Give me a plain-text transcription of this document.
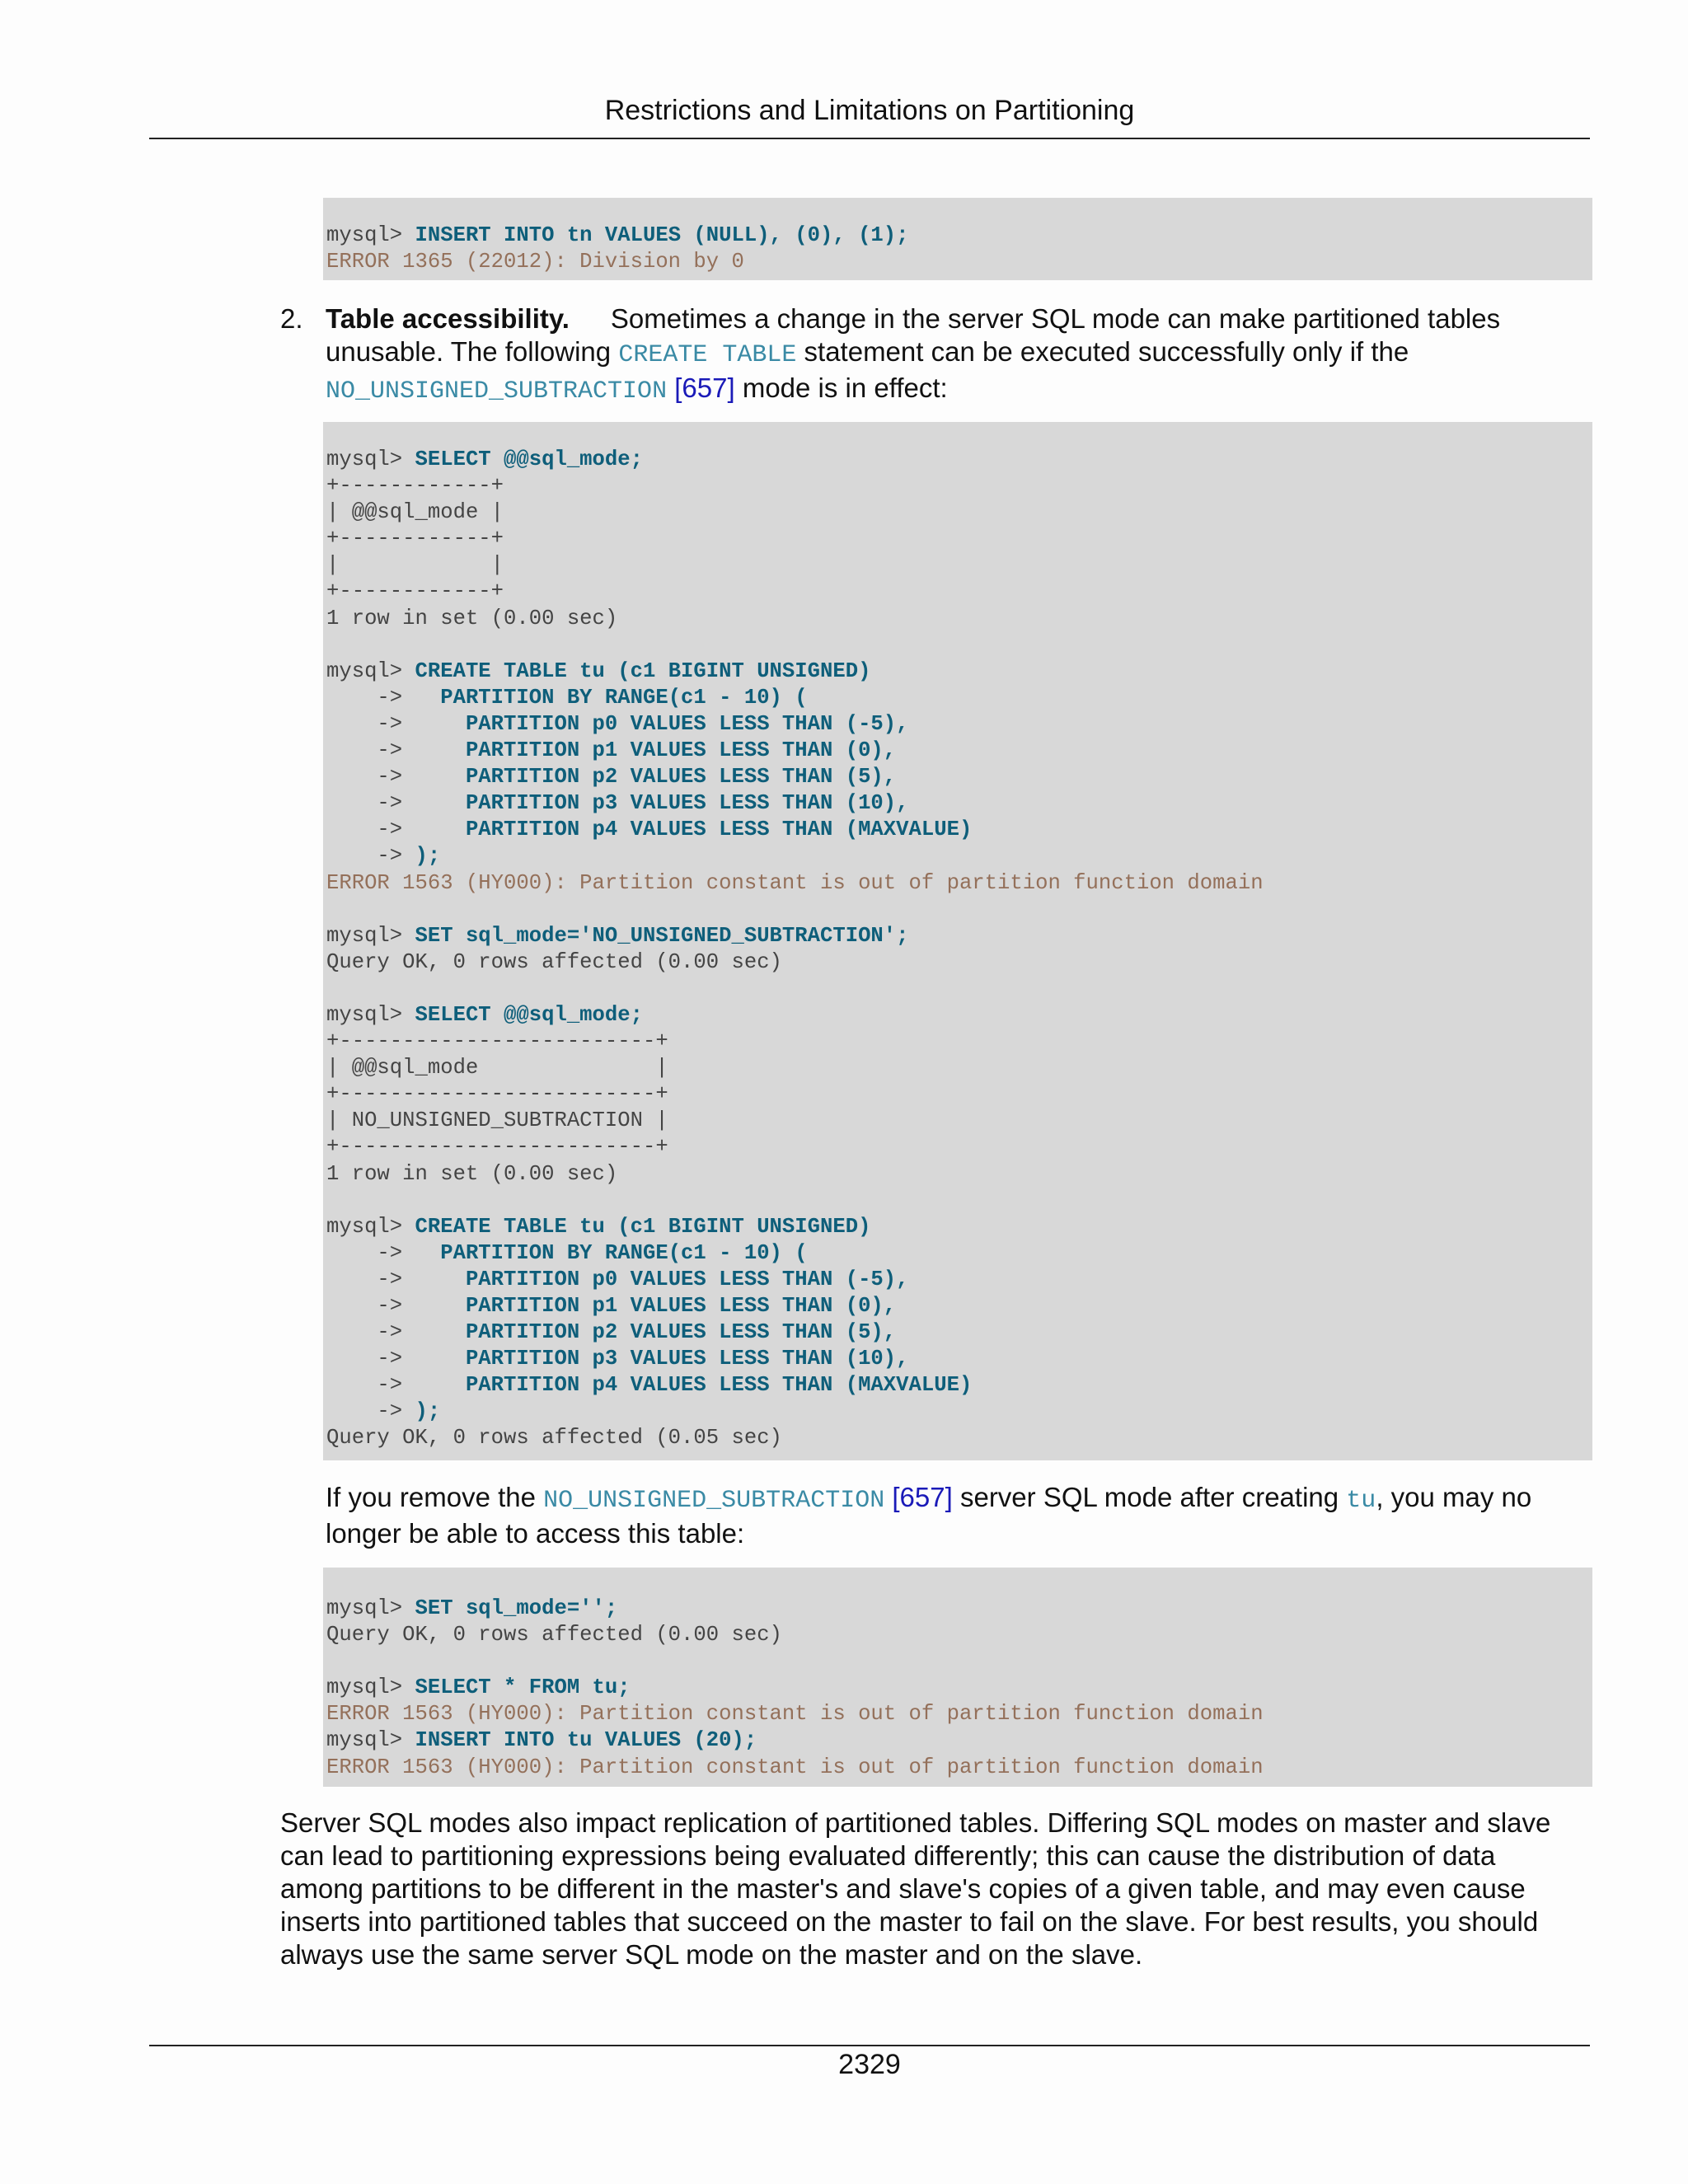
Restrictions and Limitations on Partitioning
mysql> INSERT INTO tn VALUES (NULL), (0), (1);
ERROR 1365 (22012): Division by 0
2. Table accessibility. Sometimes a change in the server SQL mode can make partitioned tables
unusable. The following CREATE TABLE statement can be executed successfully only if the
NO_UNSIGNED_SUBTRACTION [657] mode is in effect:
mysql> SELECT @@sql_mode;
+------------+
| @@sql_mode |
+------------+
|            |
+------------+
1 row in set (0.00 sec)
mysql> CREATE TABLE tu (c1 BIGINT UNSIGNED)
->   PARTITION BY RANGE(c1 - 10) (
->     PARTITION p0 VALUES LESS THAN (-5),
->     PARTITION p1 VALUES LESS THAN (0),
->     PARTITION p2 VALUES LESS THAN (5),
->     PARTITION p3 VALUES LESS THAN (10),
->     PARTITION p4 VALUES LESS THAN (MAXVALUE)
-> );
ERROR 1563 (HY000): Partition constant is out of partition function domain
mysql> SET sql_mode='NO_UNSIGNED_SUBTRACTION';
Query OK, 0 rows affected (0.00 sec)
mysql> SELECT @@sql_mode;
+-------------------------+
| @@sql_mode              |
+-------------------------+
| NO_UNSIGNED_SUBTRACTION |
+-------------------------+
1 row in set (0.00 sec)
mysql> CREATE TABLE tu (c1 BIGINT UNSIGNED)
->   PARTITION BY RANGE(c1 - 10) (
->     PARTITION p0 VALUES LESS THAN (-5),
->     PARTITION p1 VALUES LESS THAN (0),
->     PARTITION p2 VALUES LESS THAN (5),
->     PARTITION p3 VALUES LESS THAN (10),
->     PARTITION p4 VALUES LESS THAN (MAXVALUE)
-> );
Query OK, 0 rows affected (0.05 sec)
If you remove the NO_UNSIGNED_SUBTRACTION [657] server SQL mode after creating tu, you may no
longer be able to access this table:
mysql> SET sql_mode='';
Query OK, 0 rows affected (0.00 sec)
mysql> SELECT * FROM tu;
ERROR 1563 (HY000): Partition constant is out of partition function domain
mysql> INSERT INTO tu VALUES (20);
ERROR 1563 (HY000): Partition constant is out of partition function domain
Server SQL modes also impact replication of partitioned tables. Differing SQL modes on master and slave
can lead to partitioning expressions being evaluated differently; this can cause the distribution of data
among partitions to be different in the master's and slave's copies of a given table, and may even cause
inserts into partitioned tables that succeed on the master to fail on the slave. For best results, you should
always use the same server SQL mode on the master and on the slave.
2329
